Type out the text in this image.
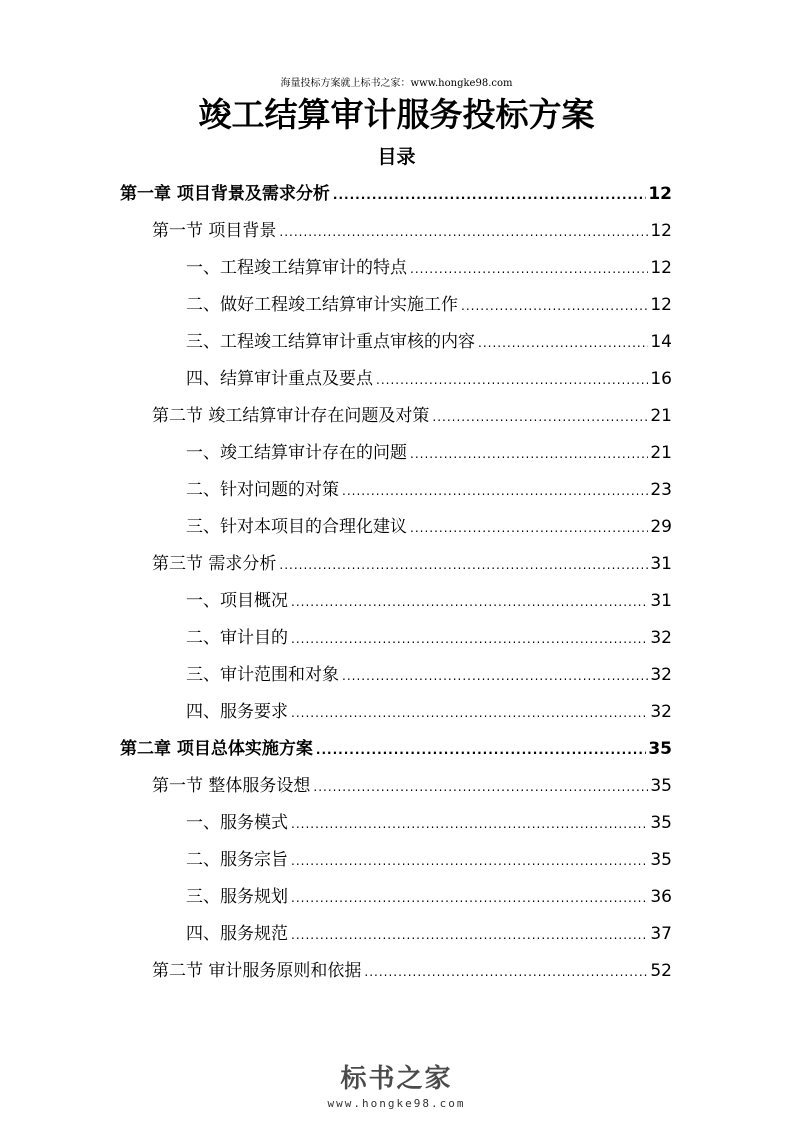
海量投标方案就上标书之家：www.hongke98.com
竣工结算审计服务投标方案
目录
第一章 项目背景及需求分析 .....	12
第一节 项目背景 .....	12
一、工程竣工结算审计的特点 .....	12
二、做好工程竣工结算审计实施工作 .....	12
三、工程竣工结算审计重点审核的内容 .....	14
四、结算审计重点及要点 .....	16
第二节 竣工结算审计存在问题及对策 .....	21
一、竣工结算审计存在的问题 .....	21
二、针对问题的对策 .....	23
三、针对本项目的合理化建议 .....	29
第三节 需求分析 .....	31
一、项目概况 .....	31
二、审计目的 .....	32
三、审计范围和对象 .....	32
四、服务要求 .....	32
第二章 项目总体实施方案 .....	35
第一节 整体服务设想 .....	35
一、服务模式 .....	35
二、服务宗旨 .....	35
三、服务规划 .....	36
四、服务规范 .....	37
第二节 审计服务原则和依据 .....	52
标书之家
www.hongke98.com
